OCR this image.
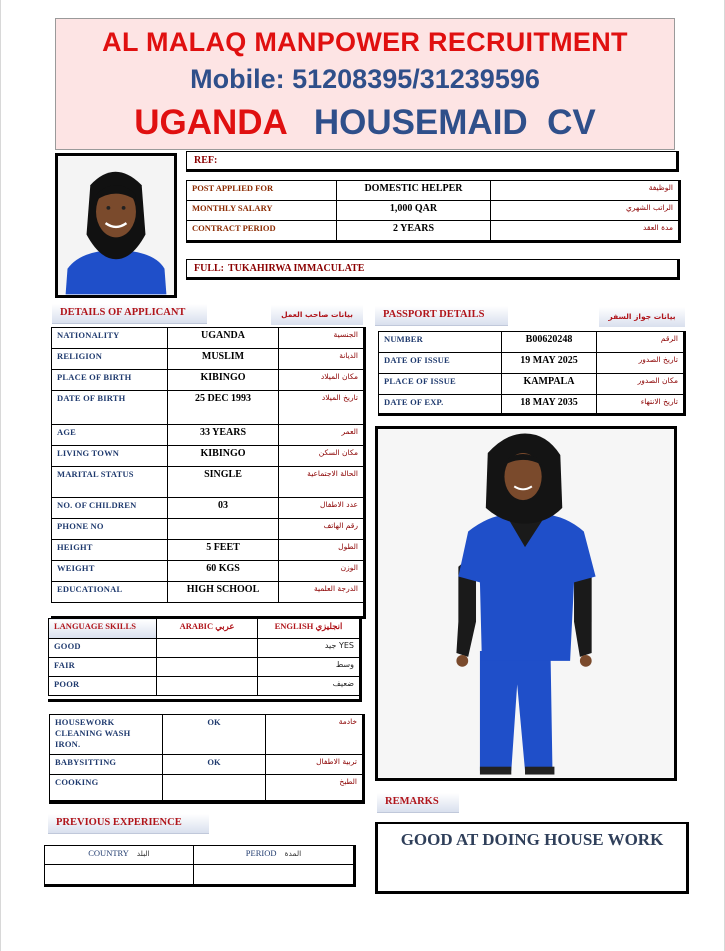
AL MALAQ MANPOWER RECRUITMENT
Mobile: 51208395/31239596
UGANDA HOUSEMAID  CV
REF:
POST APPLIED FOR	DOMESTIC HELPER	الوظيفة
MONTHLY SALARY	1,000 QAR	الراتب الشهري
CONTRACT PERIOD	2 YEARS	مدة العقد
FULL: TUKAHIRWA IMMACULATE
DETAILS OF APPLICANT	بيانات صاحب العمل
NATIONALITY	UGANDA	الجنسية
RELIGION	MUSLIM	الديانة
PLACE OF BIRTH	KIBINGO	مكان الميلاد
DATE OF BIRTH	25 DEC 1993	تاريخ الميلاد
AGE	33 YEARS	العمر
LIVING TOWN	KIBINGO	مكان السكن
MARITAL STATUS	SINGLE	الحالة الاجتماعية
NO. OF CHILDREN	03	عدد الاطفال
PHONE NO		رقم الهاتف
HEIGHT	5 FEET	الطول
WEIGHT	60 KGS	الوزن
EDUCATIONAL	HIGH SCHOOL	الدرجة العلمية
PASSPORT DETAILS	بيانات جواز السفر
NUMBER	B00620248	الرقم
DATE OF ISSUE	19 MAY 2025	تاريخ الصدور
PLACE OF ISSUE	KAMPALA	مكان الصدور
DATE OF EXP.	18 MAY 2035	تاريخ الانتهاء
LANGUAGE SKILLS	ARABIC عربي	ENGLISH انجليزي
GOOD		YES جيد
FAIR		وسط
POOR		ضعيف
HOUSEWORK
CLEANING WASH
IRON.	OK	خادمة
BABYSITTING	OK	تربية الاطفال
COOKING		الطبخ
PREVIOUS EXPERIENCE
COUNTRY البلد	PERIOD المدة

REMARKS
GOOD AT DOING HOUSE WORK
